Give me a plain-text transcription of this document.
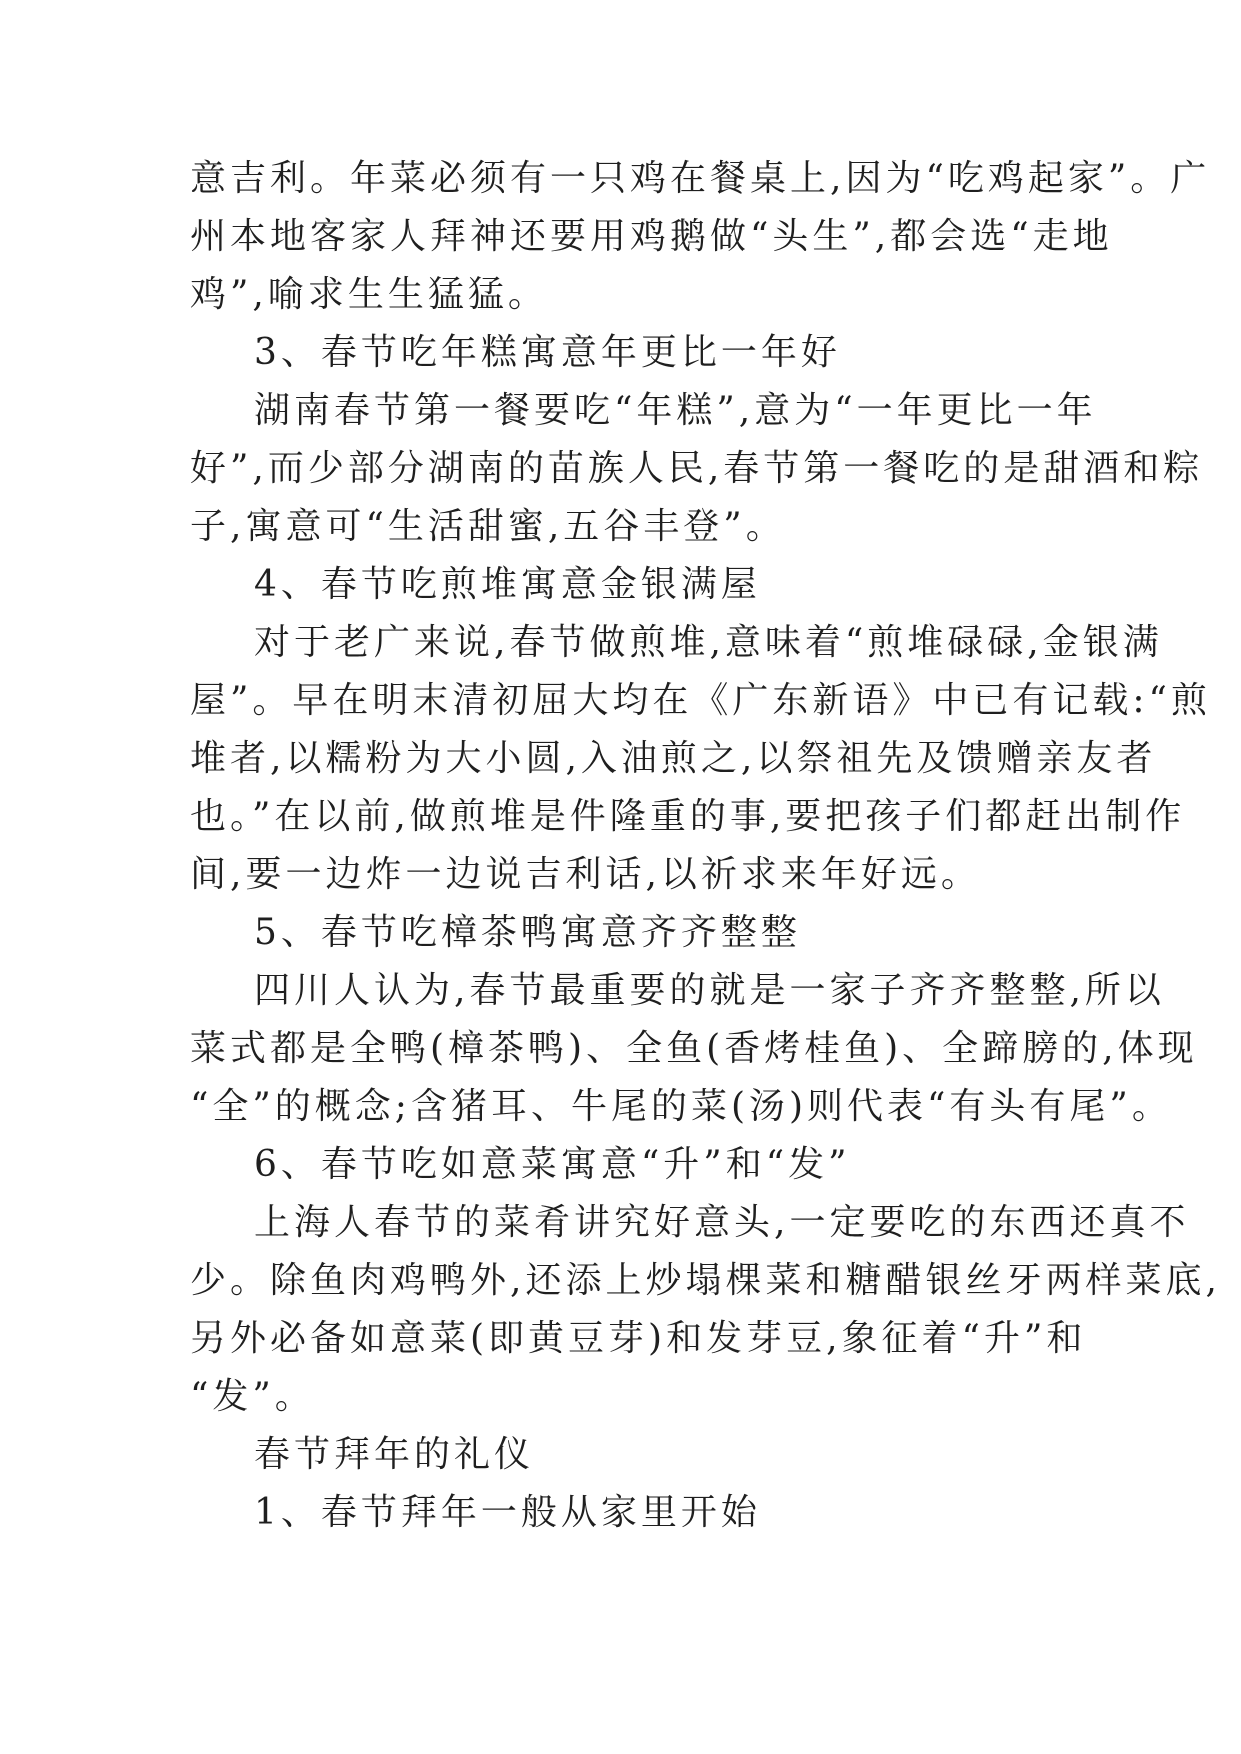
意吉利。年菜必须有一只鸡在餐桌上,因为“吃鸡起家”。广
州本地客家人拜神还要用鸡鹅做“头生”,都会选“走地
鸡”,喻求生生猛猛。
3、春节吃年糕寓意年更比一年好
湖南春节第一餐要吃“年糕”,意为“一年更比一年
好”,而少部分湖南的苗族人民,春节第一餐吃的是甜酒和粽
子,寓意可“生活甜蜜,五谷丰登”。
4、春节吃煎堆寓意金银满屋
对于老广来说,春节做煎堆,意味着“煎堆碌碌,金银满
屋”。早在明末清初屈大均在《广东新语》中已有记载:“煎
堆者,以糯粉为大小圆,入油煎之,以祭祖先及馈赠亲友者
也。”在以前,做煎堆是件隆重的事,要把孩子们都赶出制作
间,要一边炸一边说吉利话,以祈求来年好远。
5、春节吃樟茶鸭寓意齐齐整整
四川人认为,春节最重要的就是一家子齐齐整整,所以
菜式都是全鸭(樟茶鸭)、全鱼(香烤桂鱼)、全蹄膀的,体现
“全”的概念;含猪耳、牛尾的菜(汤)则代表“有头有尾”。
6、春节吃如意菜寓意“升”和“发”
上海人春节的菜肴讲究好意头,一定要吃的东西还真不
少。除鱼肉鸡鸭外,还添上炒塌棵菜和糖醋银丝牙两样菜底,
另外必备如意菜(即黄豆芽)和发芽豆,象征着“升”和
“发”。
春节拜年的礼仪
1、春节拜年一般从家里开始
